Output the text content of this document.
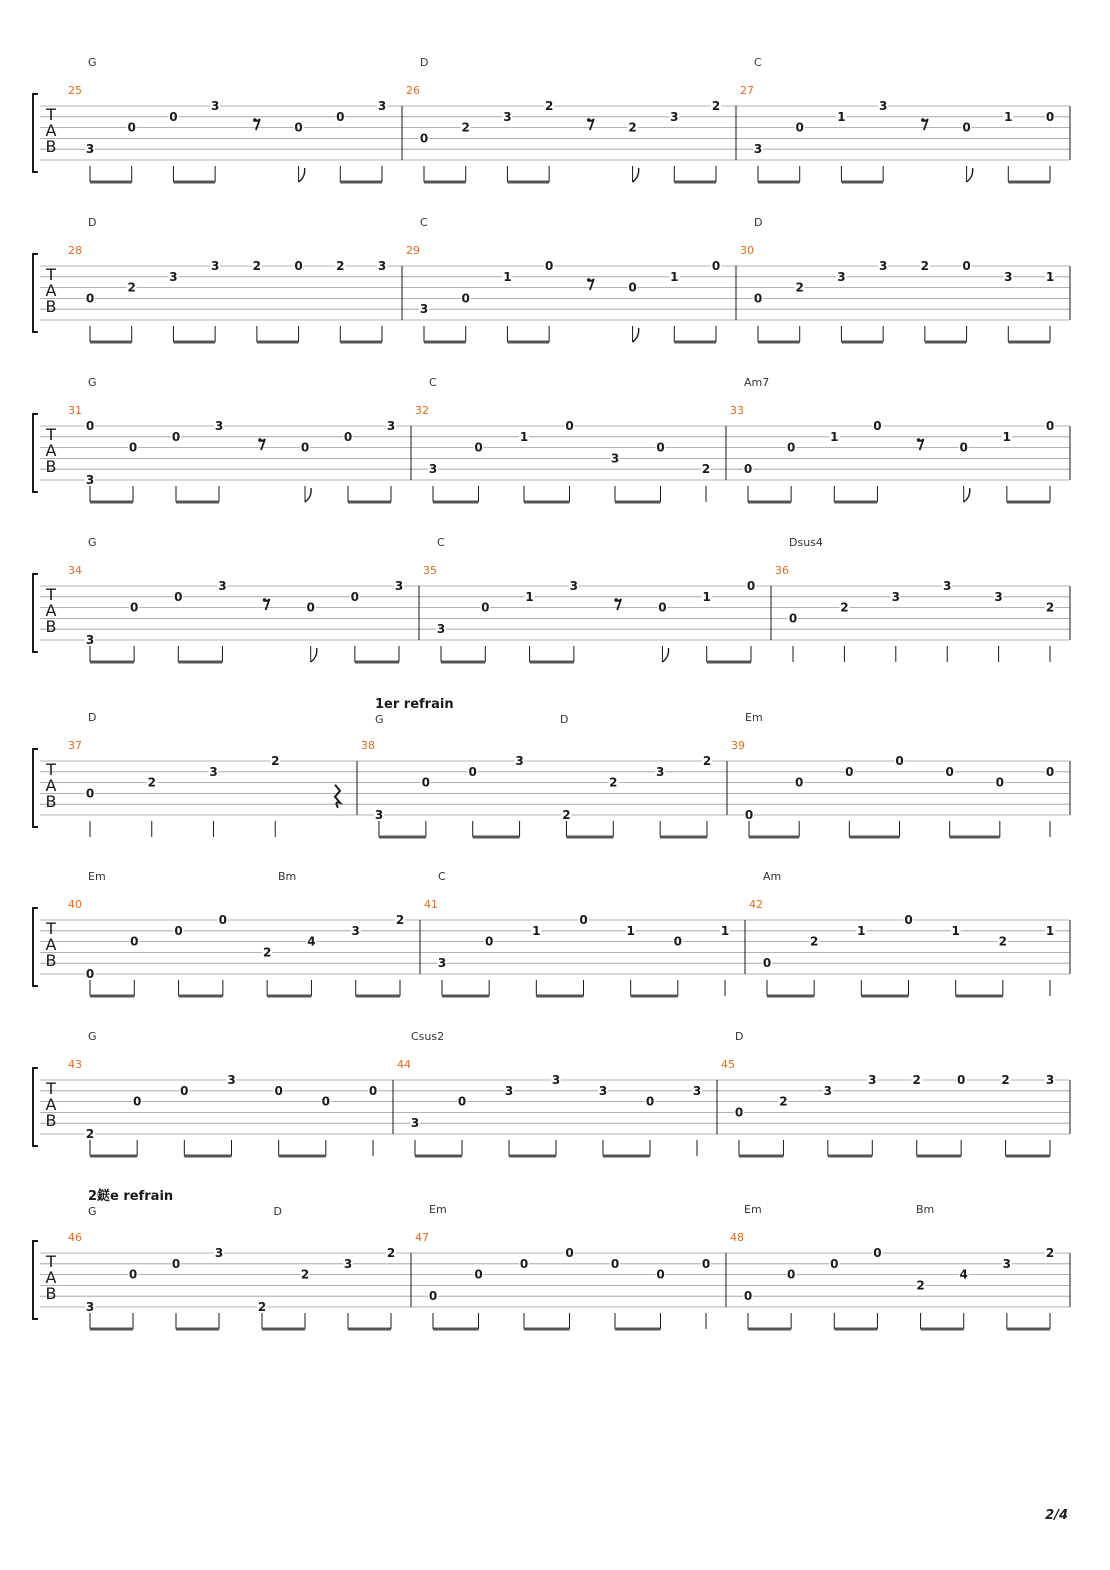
T
A
B
25
G
3
0
0
3
0
0
3
26
D
0
2
3
2
2
3
2
27
C
3
0
1
3
0
1	0
T
A
B
28
D
0
2
3
3	2	0	2	3
29
C
3
0
1
0
0
1
0
30
D
0
2
3
3	2	0
3	1
T
A
B
31
G
3
0
0
0
3
0
0
3
32
C
3
0
1
0
3
0
2
33
Am7
0
0
1
0
0
1
0
T
A
B
34
G
3
0
0
3
0
0
3
35
C
3
0
1
3
0
1
0
36
Dsus4
0
2
3
3
3
2
T
A
B
37
D
0
2
3
2
38
1er refrain
G	D
3
0
0
3
2
2
3
2
39
Em
0
0
0
0
0
0
0
T
A
B
40
Em	Bm
0
0
0
0
2
4
3
2
41
C
3
0
1
0
1
0
1
42
Am
0
2
1
0
1
2
1
T
A
B
43
G
2
0
0
3
0
0
0
44
Csus2
3
0
3
3
3
0
3
45
D
0
2
3
3	2	0	2	3
T
A
B
46
2鎹e refrain
G	D
3
0
0
3
2
2
3
2
47
Em
0
0
0
0
0
0
0
48
Em	Bm
0
0
0
0
2
4
3
2
2/4
